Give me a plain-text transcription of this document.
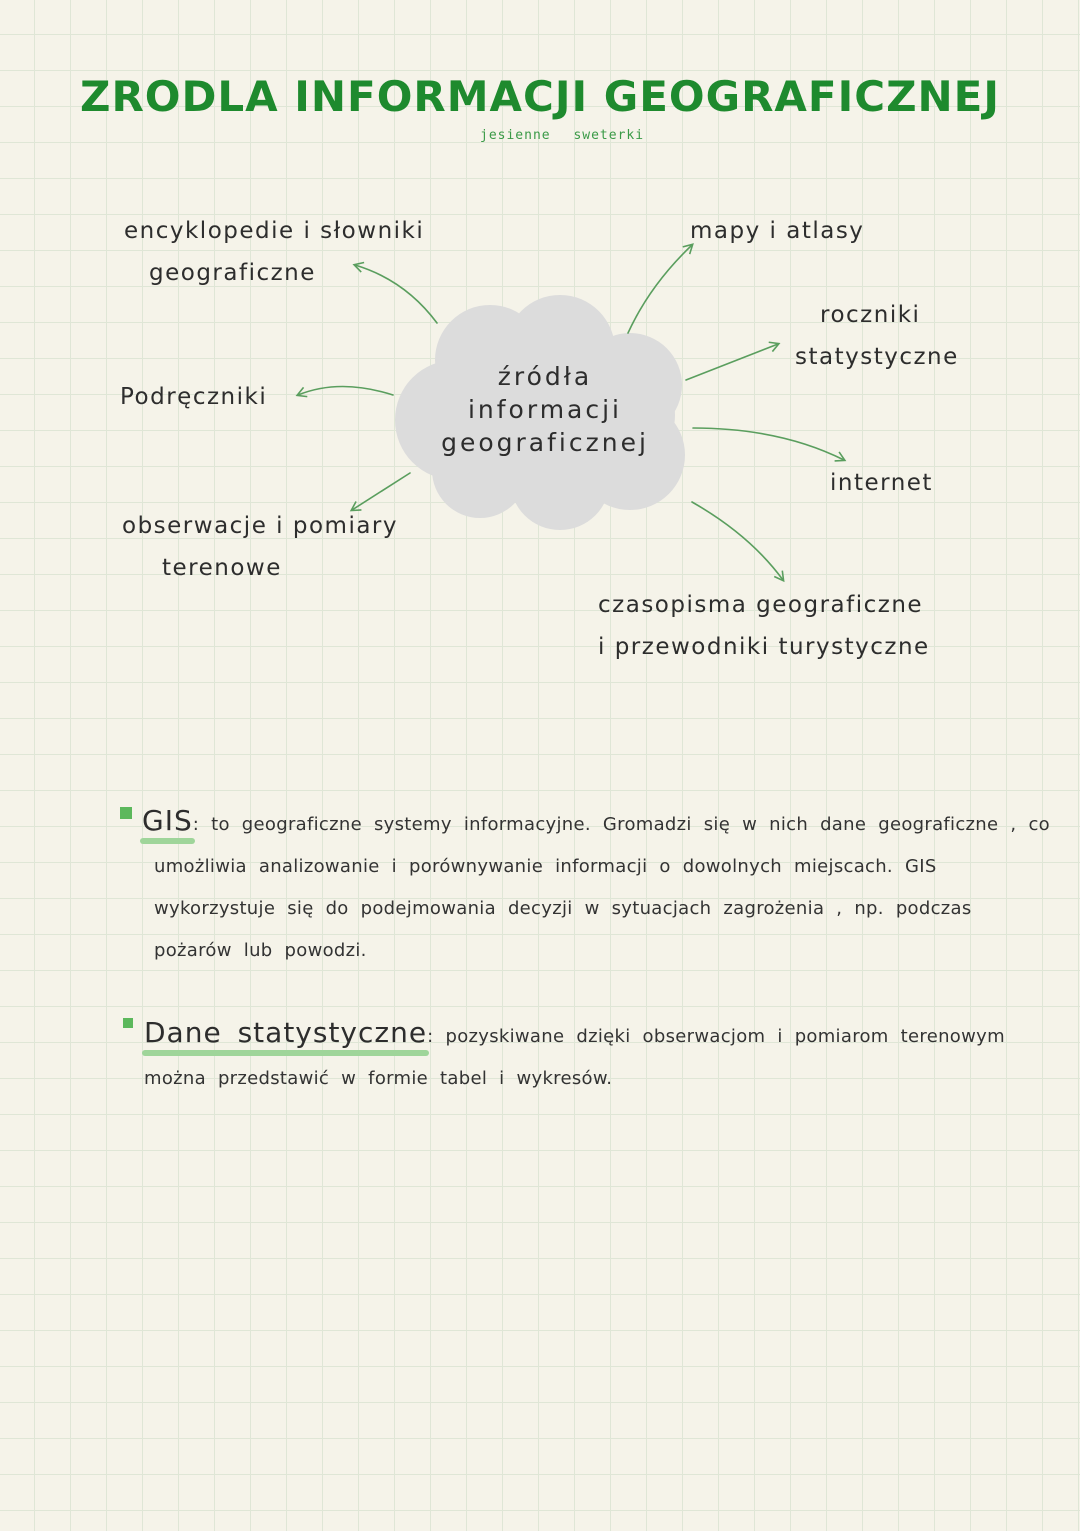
ZRODLA INFORMACJI GEOGRAFICZNEJ
jesienne sweterki
źródła
informacji
geograficznej
encyklopedie i słowniki
geograficzne
Podręczniki
obserwacje i pomiary
terenowe
mapy i atlasy
roczniki
statystyczne
internet
czasopisma geograficzne
i przewodniki turystyczne
GIS: to geograficzne systemy informacyjne. Gromadzi się w nich dane geograficzne , co
umożliwia analizowanie i porównywanie informacji o dowolnych miejscach. GIS
wykorzystuje się do podejmowania decyzji w sytuacjach zagrożenia , np. podczas
pożarów lub powodzi.
Dane statystyczne: pozyskiwane dzięki obserwacjom i pomiarom terenowym
można przedstawić w formie tabel i wykresów.
